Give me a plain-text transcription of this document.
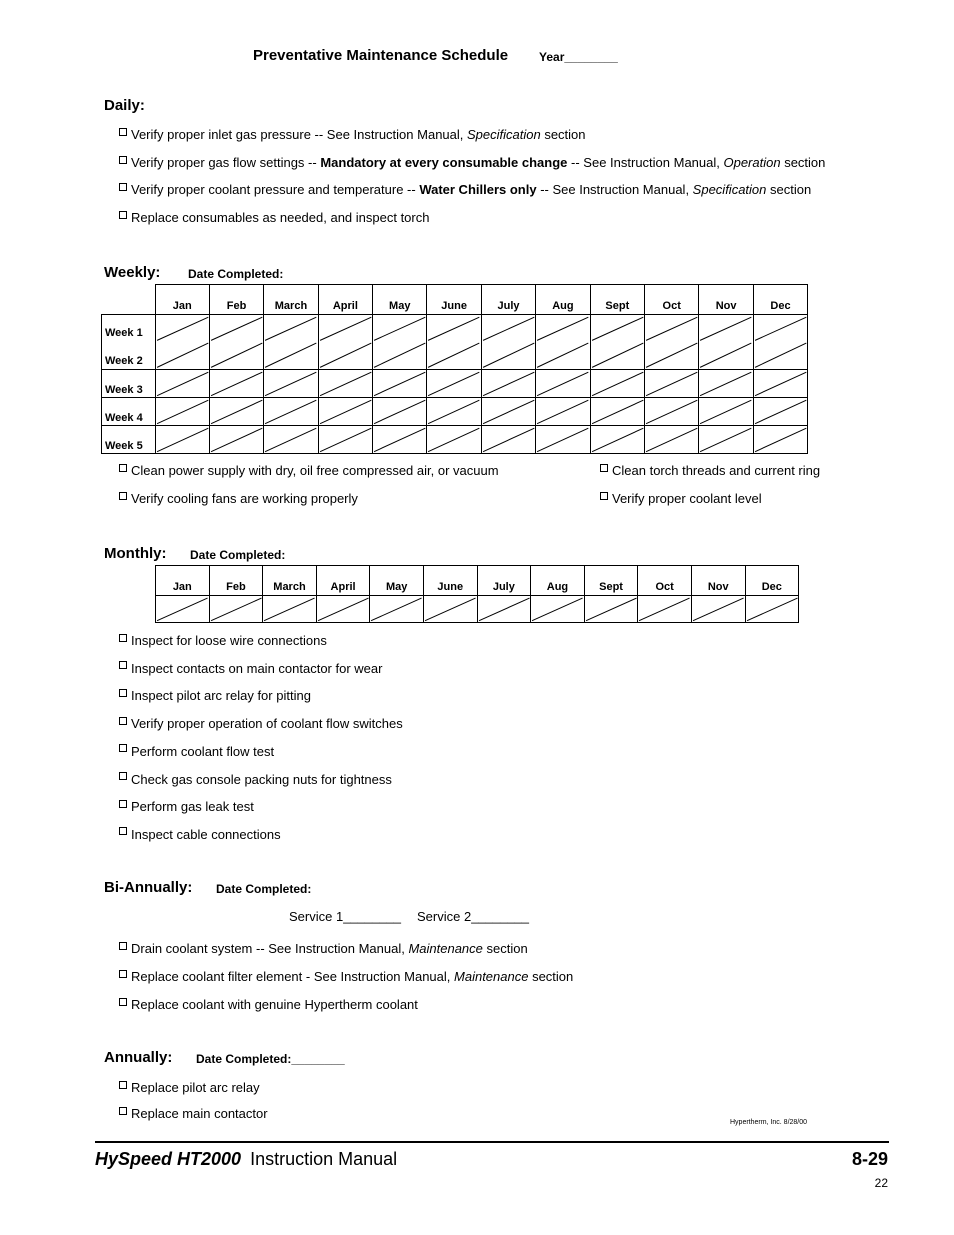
Preventative Maintenance Schedule	Year________
Daily:
Verify proper inlet gas pressure -- See Instruction Manual, Specification section
Verify proper gas flow settings -- Mandatory at every consumable change -- See Instruction Manual, Operation section
Verify proper coolant pressure and temperature -- Water Chillers only -- See Instruction Manual, Specification section
Replace consumables as needed, and inspect torch
Weekly: Date Completed:
	Jan	Feb	March	April	May	June	July	Aug	Sept	Oct	Nov	Dec

Week 1
Week 2

Week 3	

Week 4	

Week 5	

Clean power supply with dry, oil free compressed air, or vacuum
Verify cooling fans are working properly
Clean torch threads and current ring
Verify proper coolant level
Monthly: Date Completed:
Jan	Feb	March	April	May	June	July	Aug	Sept	Oct	Nov	Dec

Inspect for loose wire connections
Inspect contacts on main contactor for wear
Inspect pilot arc relay for pitting
Verify proper operation of coolant flow switches
Perform coolant flow test
Check gas console packing nuts for tightness
Perform gas leak test
Inspect cable connections
Bi-Annually: Date Completed:
Service 1________ Service 2________
Drain coolant system -- See Instruction Manual, Maintenance section
Replace coolant filter element - See Instruction Manual, Maintenance section
Replace coolant with genuine Hypertherm coolant
Annually: Date Completed:________
Replace pilot arc relay
Replace main contactor
Hypertherm, Inc. 8/28/00
HySpeed HT2000 Instruction Manual	8-29
22
